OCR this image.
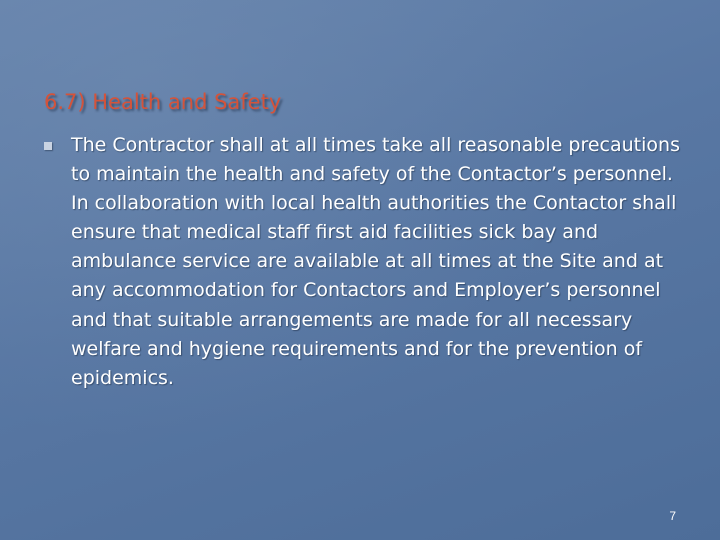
6.7) Health and Safety
The Contractor shall at all times take all reasonable precautions to maintain the health and safety of the Contactor’s personnel. In collaboration with local health authorities the Contactor shall ensure that medical staff first aid facilities sick bay and ambulance service are available at all times at the Site and at any accommodation for Contactors and Employer’s personnel and that suitable arrangements are made for all necessary welfare and hygiene requirements and for the prevention of epidemics.
7
